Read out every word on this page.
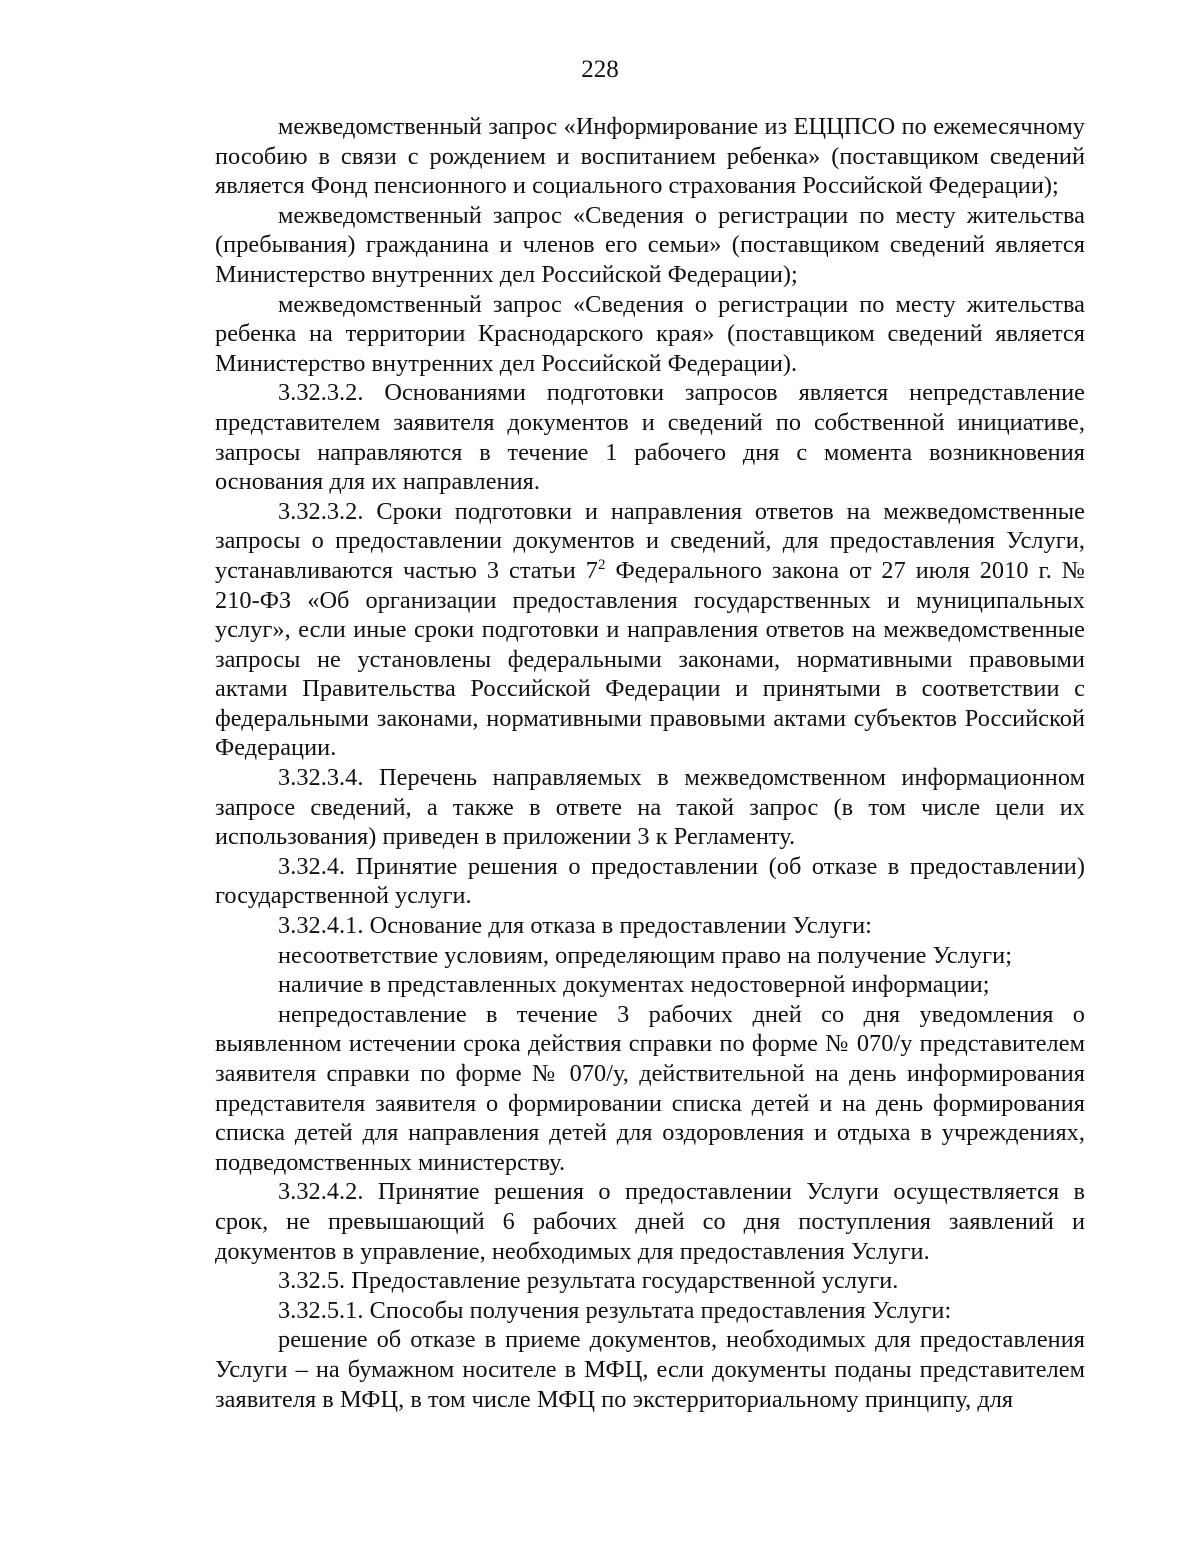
228

межведомственный запрос «Информирование из ЕЦЦПСО по ежемесячному пособию в связи с рождением и воспитанием ребенка» (поставщиком сведений является Фонд пенсионного и социального страхования Российской Федерации);

межведомственный запрос «Сведения о регистрации по месту жительства (пребывания) гражданина и членов его семьи» (поставщиком сведений является Министерство внутренних дел Российской Федерации);

межведомственный запрос «Сведения о регистрации по месту жительства ребенка на территории Краснодарского края» (поставщиком сведений является Министерство внутренних дел Российской Федерации).

3.32.3.2. Основаниями подготовки запросов является непредставление представителем заявителя документов и сведений по собственной инициативе, запросы направляются в течение 1 рабочего дня с момента возникновения основания для их направления.

3.32.3.2. Сроки подготовки и направления ответов на межведомственные запросы о предоставлении документов и сведений, для предоставления Услуги, устанавливаются частью 3 статьи $7^2$ Федерального закона от 27 июля 2010 г. № 210-ФЗ «Об организации предоставления государственных и муниципальных услуг», если иные сроки подготовки и направления ответов на межведомственные запросы не установлены федеральными законами, нормативными правовыми актами Правительства Российской Федерации и принятыми в соответствии с федеральными законами, нормативными правовыми актами субъектов Российской Федерации.

3.32.3.4. Перечень направляемых в межведомственном информационном запросе сведений, а также в ответе на такой запрос (в том числе цели их использования) приведен в приложении 3 к Регламенту.

3.32.4. Принятие решения о предоставлении (об отказе в предоставлении) государственной услуги.

3.32.4.1. Основание для отказа в предоставлении Услуги:

несоответствие условиям, определяющим право на получение Услуги;

наличие в представленных документах недостоверной информации;

непредоставление в течение 3 рабочих дней со дня уведомления о выявленном истечении срока действия справки по форме № 070/у представителем заявителя справки по форме № 070/у, действительной на день информирования представителя заявителя о формировании списка детей и на день формирования списка детей для направления детей для оздоровления и отдыха в учреждениях, подведомственных министерству.

3.32.4.2. Принятие решения о предоставлении Услуги осуществляется в срок, не превышающий 6 рабочих дней со дня поступления заявлений и документов в управление, необходимых для предоставления Услуги.

3.32.5. Предоставление результата государственной услуги.

3.32.5.1. Способы получения результата предоставления Услуги:

решение об отказе в приеме документов, необходимых для предоставления Услуги – на бумажном носителе в МФЦ, если документы поданы представителем заявителя в МФЦ, в том числе МФЦ по экстерриториальному принципу, для
